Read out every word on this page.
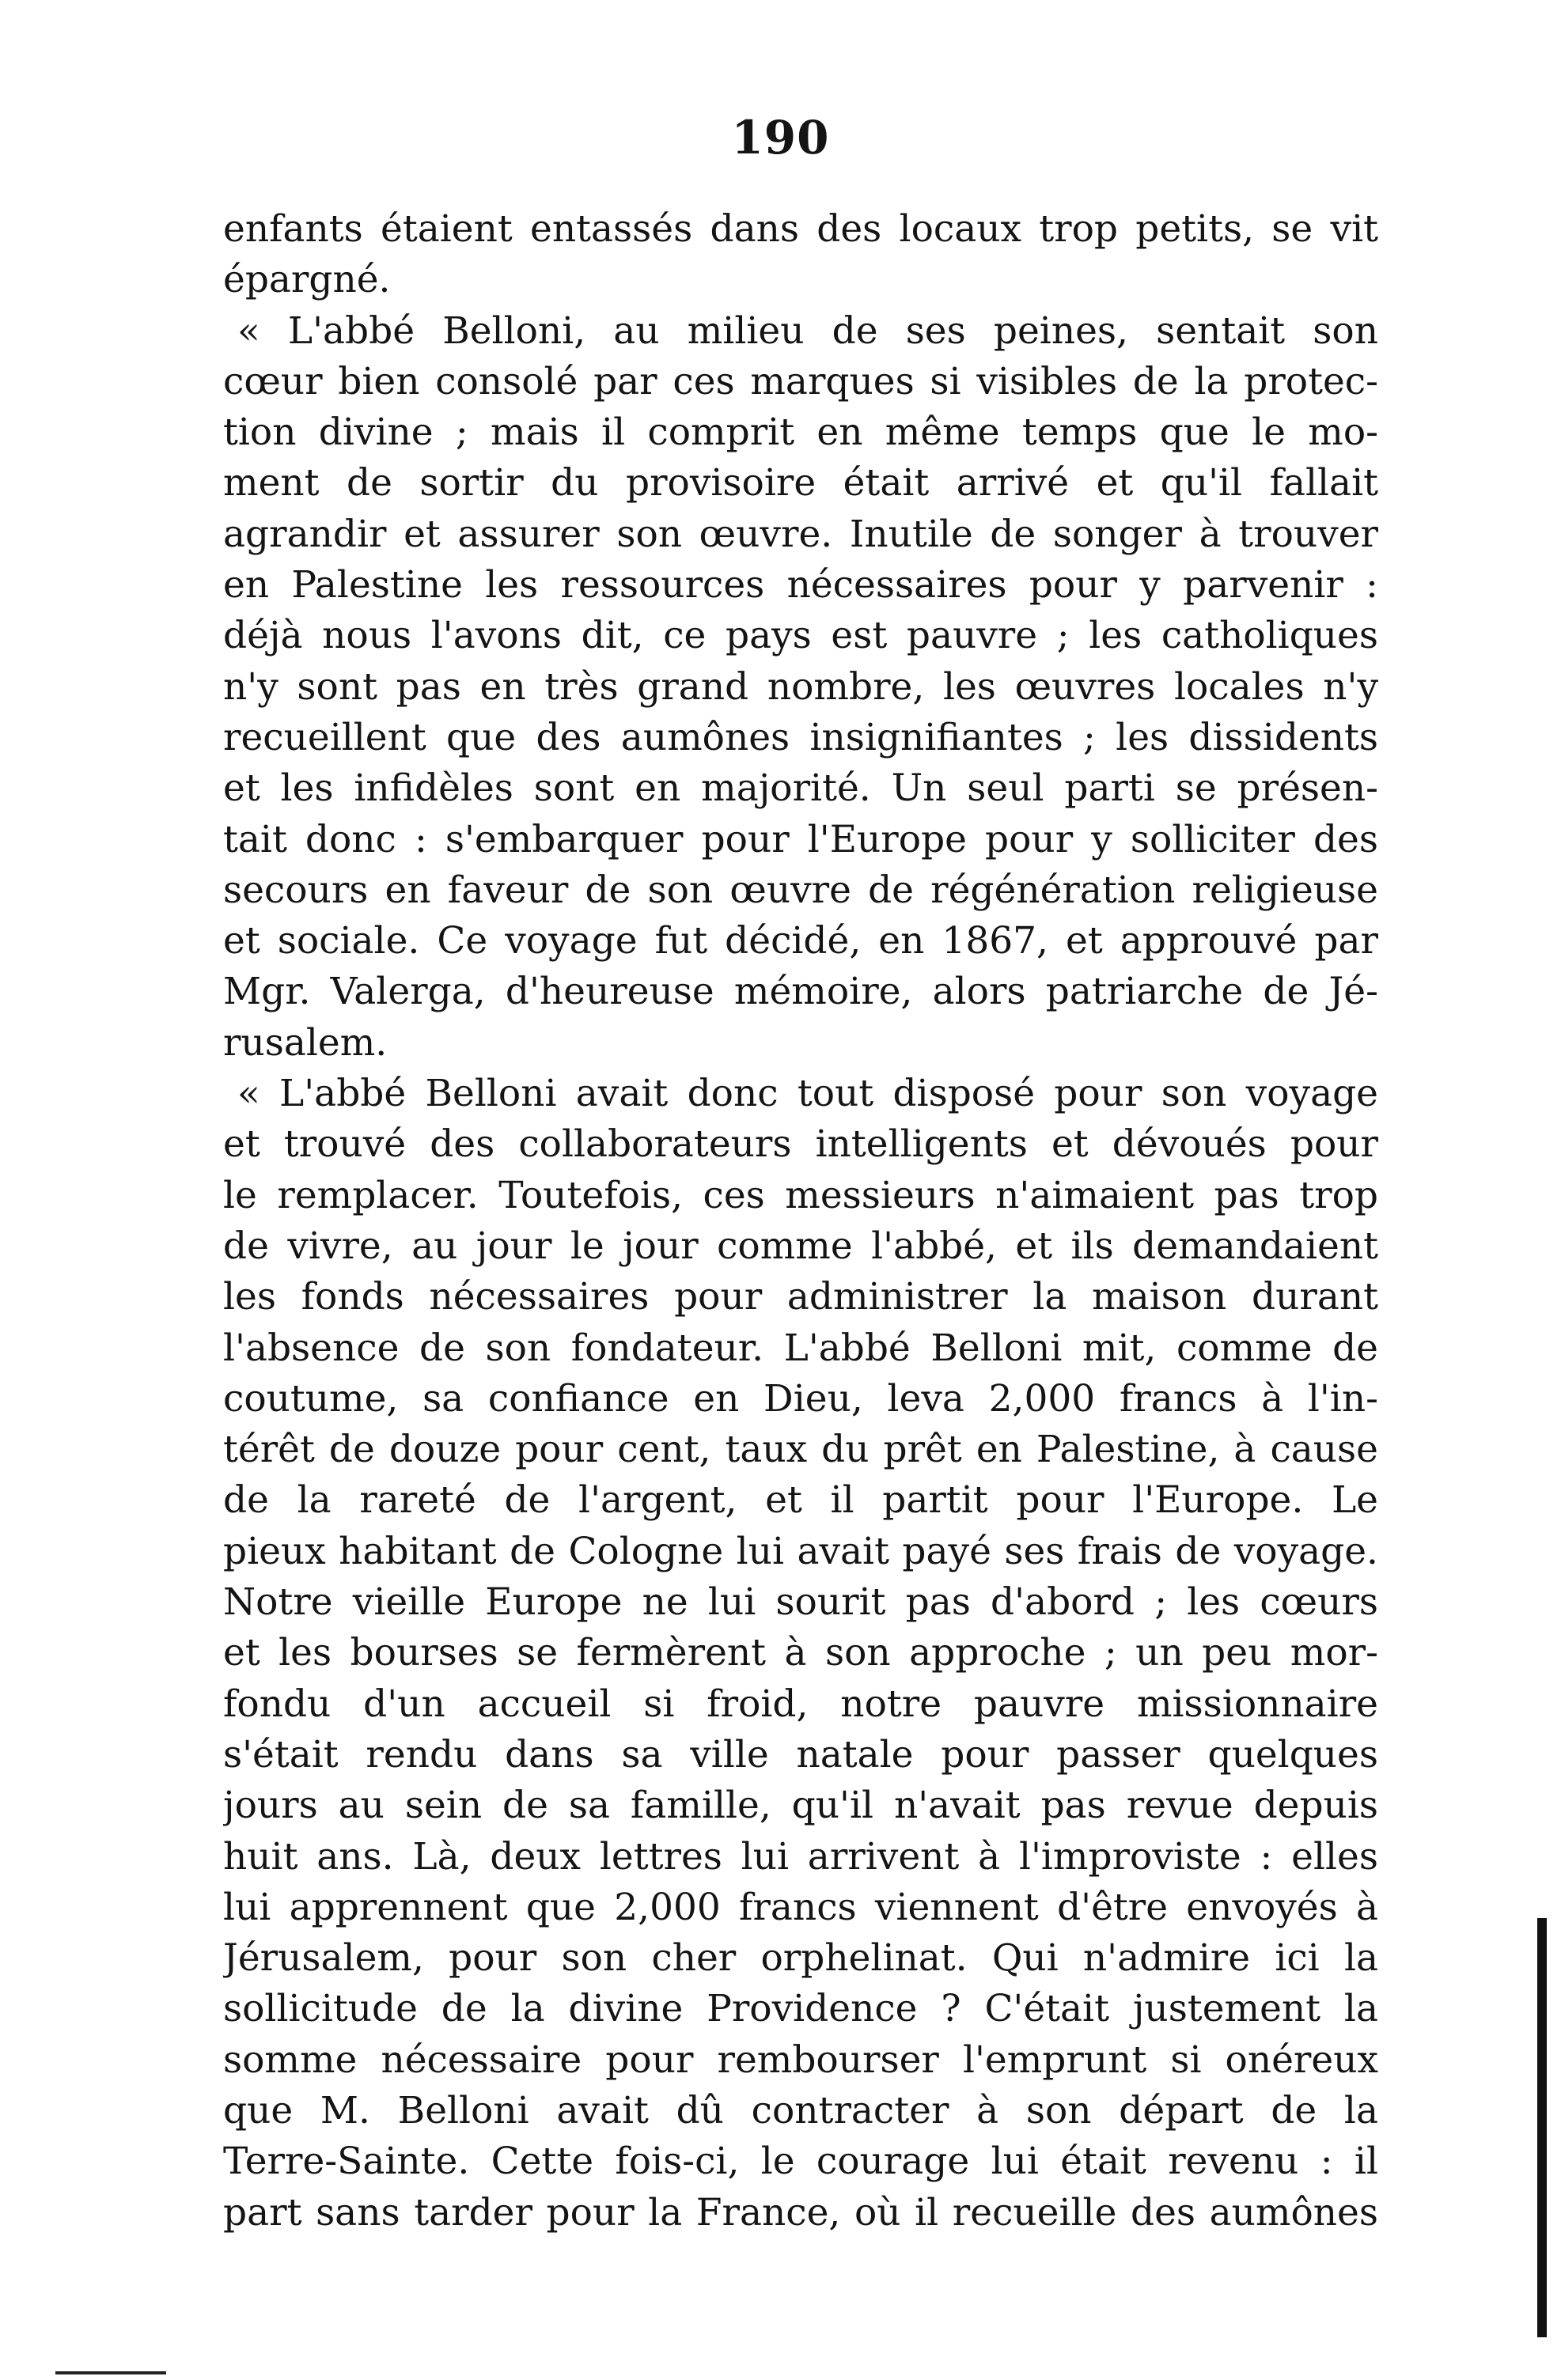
190
enfants étaient entassés dans des locaux trop petits, se vit
épargné.
« L'abbé Belloni, au milieu de ses peines, sentait son
cœur bien consolé par ces marques si visibles de la protec-
tion divine ; mais il comprit en même temps que le mo-
ment de sortir du provisoire était arrivé et qu'il fallait
agrandir et assurer son œuvre. Inutile de songer à trouver
en Palestine les ressources nécessaires pour y parvenir :
déjà nous l'avons dit, ce pays est pauvre ; les catholiques
n'y sont pas en très grand nombre, les œuvres locales n'y
recueillent que des aumônes insignifiantes ; les dissidents
et les infidèles sont en majorité. Un seul parti se présen-
tait donc : s'embarquer pour l'Europe pour y solliciter des
secours en faveur de son œuvre de régénération religieuse
et sociale. Ce voyage fut décidé, en 1867, et approuvé par
Mgr. Valerga, d'heureuse mémoire, alors patriarche de Jé-
rusalem.
« L'abbé Belloni avait donc tout disposé pour son voyage
et trouvé des collaborateurs intelligents et dévoués pour
le remplacer. Toutefois, ces messieurs n'aimaient pas trop
de vivre, au jour le jour comme l'abbé, et ils demandaient
les fonds nécessaires pour administrer la maison durant
l'absence de son fondateur. L'abbé Belloni mit, comme de
coutume, sa confiance en Dieu, leva 2,000 francs à l'in-
térêt de douze pour cent, taux du prêt en Palestine, à cause
de la rareté de l'argent, et il partit pour l'Europe. Le
pieux habitant de Cologne lui avait payé ses frais de voyage.
Notre vieille Europe ne lui sourit pas d'abord ; les cœurs
et les bourses se fermèrent à son approche ; un peu mor-
fondu d'un accueil si froid, notre pauvre missionnaire
s'était rendu dans sa ville natale pour passer quelques
jours au sein de sa famille, qu'il n'avait pas revue depuis
huit ans. Là, deux lettres lui arrivent à l'improviste : elles
lui apprennent que 2,000 francs viennent d'être envoyés à
Jérusalem, pour son cher orphelinat. Qui n'admire ici la
sollicitude de la divine Providence ? C'était justement la
somme nécessaire pour rembourser l'emprunt si onéreux
que M. Belloni avait dû contracter à son départ de la
Terre-Sainte. Cette fois-ci, le courage lui était revenu : il
part sans tarder pour la France, où il recueille des aumônes
